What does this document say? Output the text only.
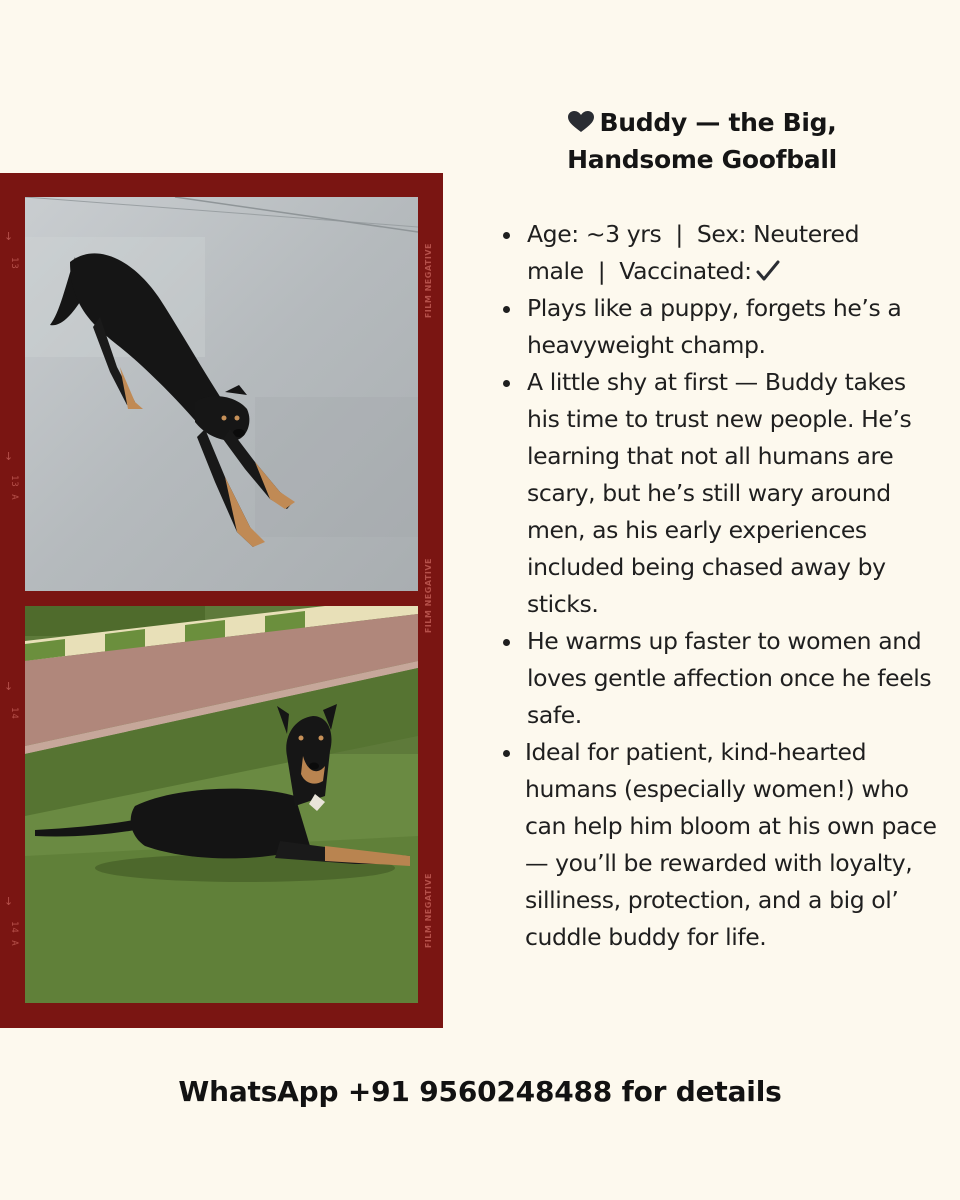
↓
13
↓
13 A
↓
14
↓
14 A
FILM NEGATIVE
FILM NEGATIVE
FILM NEGATIVE
Buddy — the Big,
Handsome Goofball
Age: ~3 yrs | Sex: Neutered
male | Vaccinated:
Plays like a puppy, forgets he’s a heavyweight champ.
A little shy at first — Buddy takes his time to trust new people. He’s learning that not all humans are scary, but he’s still wary around men, as his early experiences included being chased away by sticks.
He warms up faster to women and loves gentle affection once he feels safe.
Ideal for patient, kind-hearted humans (especially women!) who can help him bloom at his own pace — you’ll be rewarded with loyalty, silliness, protection, and a big ol’ cuddle buddy for life.
WhatsApp +91 9560248488 for details
